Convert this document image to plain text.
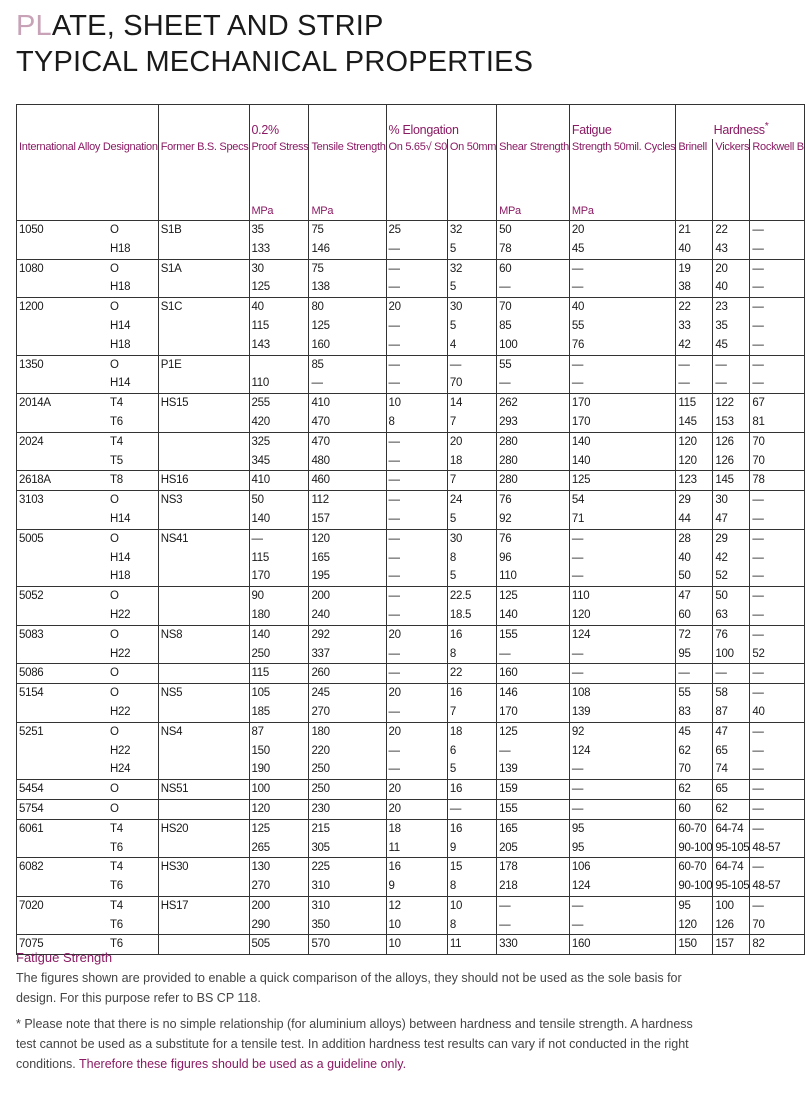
PLATE, SHEET AND STRIP
TYPICAL MECHANICAL PROPERTIES
			0.2%		% Elongation			Fatigue	Hardness*
International Alloy Designation		Former B.S. Specs	Proof Stress	Tensile Strength	On 5.65√ S0	On 50mm	Shear Strength	Strength 50mil. Cycles	Brinell	Vickers	Rockwell B
			MPa	MPa			MPa	MPa			
1050	O	S1B	35	75	25	32	50	20	21	22	—
	H18		133	146	—	5	78	45	40	43	—
1080	O	S1A	30	75	—	32	60	—	19	20	—
	H18		125	138	—	5	—	—	38	40	—
1200	O	S1C	40	80	20	30	70	40	22	23	—
	H14		115	125	—	5	85	55	33	35	—
	H18		143	160	—	4	100	76	42	45	—
1350	O	P1E		85	—	—	55	—	—	—	—
	H14		110	—	—	70	—	—	—	—	—
2014A	T4	HS15	255	410	10	14	262	170	115	122	67
	T6		420	470	8	7	293	170	145	153	81
2024	T4		325	470	—	20	280	140	120	126	70
	T5		345	480	—	18	280	140	120	126	70
2618A	T8	HS16	410	460	—	7	280	125	123	145	78
3103	O	NS3	50	112	—	24	76	54	29	30	—
	H14		140	157	—	5	92	71	44	47	—
5005	O	NS41	—	120	—	30	76	—	28	29	—
	H14		115	165	—	8	96	—	40	42	—
	H18		170	195	—	5	110	—	50	52	—
5052	O		90	200	—	22.5	125	110	47	50	—
	H22		180	240	—	18.5	140	120	60	63	—
5083	O	NS8	140	292	20	16	155	124	72	76	—
	H22		250	337	—	8	—	—	95	100	52
5086	O		115	260	—	22	160	—	—	—	—
5154	O	NS5	105	245	20	16	146	108	55	58	—
	H22		185	270	—	7	170	139	83	87	40
5251	O	NS4	87	180	20	18	125	92	45	47	—
	H22		150	220	—	6	—	124	62	65	—
	H24		190	250	—	5	139	—	70	74	—
5454	O	NS51	100	250	20	16	159	—	62	65	—
5754	O		120	230	20	—	155	—	60	62	—
6061	T4	HS20	125	215	18	16	165	95	60-70	64-74	—
	T6		265	305	11	9	205	95	90-100	95-105	48-57
6082	T4	HS30	130	225	16	15	178	106	60-70	64-74	—
	T6		270	310	9	8	218	124	90-100	95-105	48-57
7020	T4	HS17	200	310	12	10	—	—	95	100	—
	T6		290	350	10	8	—	—	120	126	70
7075	T6		505	570	10	11	330	160	150	157	82
Fatigue Strength

The figures shown are provided to enable a quick comparison of the alloys, they should not be used as the sole basis for design. For this purpose refer to BS CP 118.

* Please note that there is no simple relationship (for aluminium alloys) between hardness and tensile strength. A hardness test cannot be used as a substitute for a tensile test. In addition hardness test results can vary if not conducted in the right conditions. Therefore these figures should be used as a guideline only.
